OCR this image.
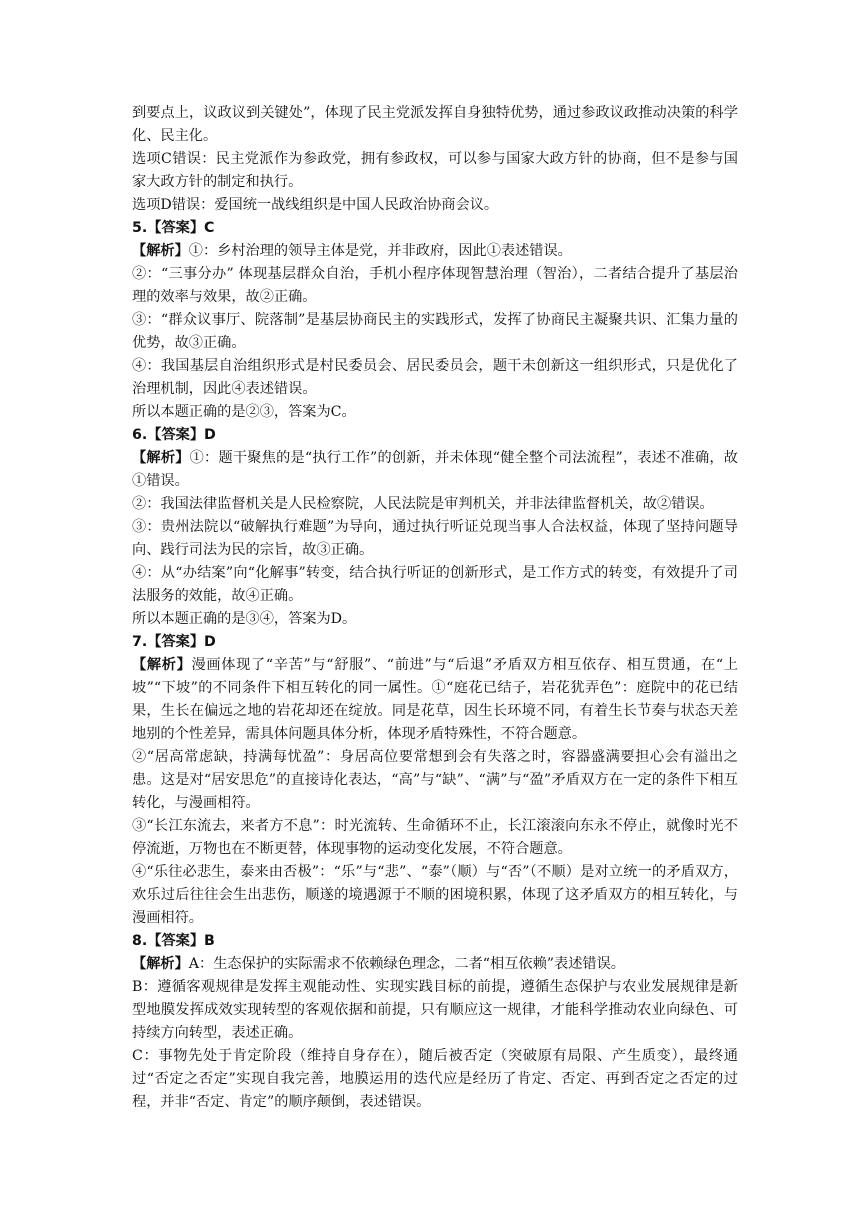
到要点上，议政议到关键处”，体现了民主党派发挥自身独特优势，通过参政议政推动决策的科学化、民主化。

选项C错误：民主党派作为参政党，拥有参政权，可以参与国家大政方针的协商，但不是参与国家大政方针的制定和执行。

选项D错误：爱国统一战线组织是中国人民政治协商会议。

5.【答案】C

【解析】①：乡村治理的领导主体是党，并非政府，因此①表述错误。

②：“三事分办” 体现基层群众自治，手机小程序体现智慧治理（智治），二者结合提升了基层治理的效率与效果，故②正确。

③：“群众议事厅、院落制”是基层协商民主的实践形式，发挥了协商民主凝聚共识、汇集力量的优势，故③正确。

④：我国基层自治组织形式是村民委员会、居民委员会，题干未创新这一组织形式，只是优化了治理机制，因此④表述错误。

所以本题正确的是②③，答案为C。

6.【答案】D

【解析】①：题干聚焦的是“执行工作”的创新，并未体现“健全整个司法流程”，表述不准确，故①错误。

②：我国法律监督机关是人民检察院，人民法院是审判机关，并非法律监督机关，故②错误。

③：贵州法院以“破解执行难题”为导向，通过执行听证兑现当事人合法权益，体现了坚持问题导向、践行司法为民的宗旨，故③正确。

④：从“办结案”向“化解事”转变，结合执行听证的创新形式，是工作方式的转变，有效提升了司法服务的效能，故④正确。

所以本题正确的是③④，答案为D。

7.【答案】D

【解析】漫画体现了“辛苦”与“舒服”、“前进”与“后退”矛盾双方相互依存、相互贯通，在“上坡”“下坡”的不同条件下相互转化的同一属性。①“庭花已结子，岩花犹弄色”：庭院中的花已结果，生长在偏远之地的岩花却还在绽放。同是花草，因生长环境不同，有着生长节奏与状态天差地别的个性差异，需具体问题具体分析，体现矛盾特殊性，不符合题意。

②“居高常虑缺，持满每忧盈”：身居高位要常想到会有失落之时，容器盛满要担心会有溢出之患。这是对“居安思危”的直接诗化表达，“高”与“缺”、“满”与“盈”矛盾双方在一定的条件下相互转化，与漫画相符。

③“长江东流去，来者方不息”：时光流转、生命循环不止，长江滚滚向东永不停止，就像时光不停流逝，万物也在不断更替，体现事物的运动变化发展，不符合题意。

④“乐往必悲生，泰来由否极”：“乐”与“悲”、“泰”（顺）与“否”（不顺）是对立统一的矛盾双方，欢乐过后往往会生出悲伤，顺遂的境遇源于不顺的困境积累，体现了这矛盾双方的相互转化，与漫画相符。

8.【答案】B

【解析】A：生态保护的实际需求不依赖绿色理念，二者“相互依赖”表述错误。

B：遵循客观规律是发挥主观能动性、实现实践目标的前提，遵循生态保护与农业发展规律是新型地膜发挥成效实现转型的客观依据和前提，只有顺应这一规律，才能科学推动农业向绿色、可持续方向转型，表述正确。

C：事物先处于肯定阶段（维持自身存在），随后被否定（突破原有局限、产生质变），最终通过“否定之否定”实现自我完善，地膜运用的迭代应是经历了肯定、否定、再到否定之否定的过程，并非“否定、肯定”的顺序颠倒，表述错误。
